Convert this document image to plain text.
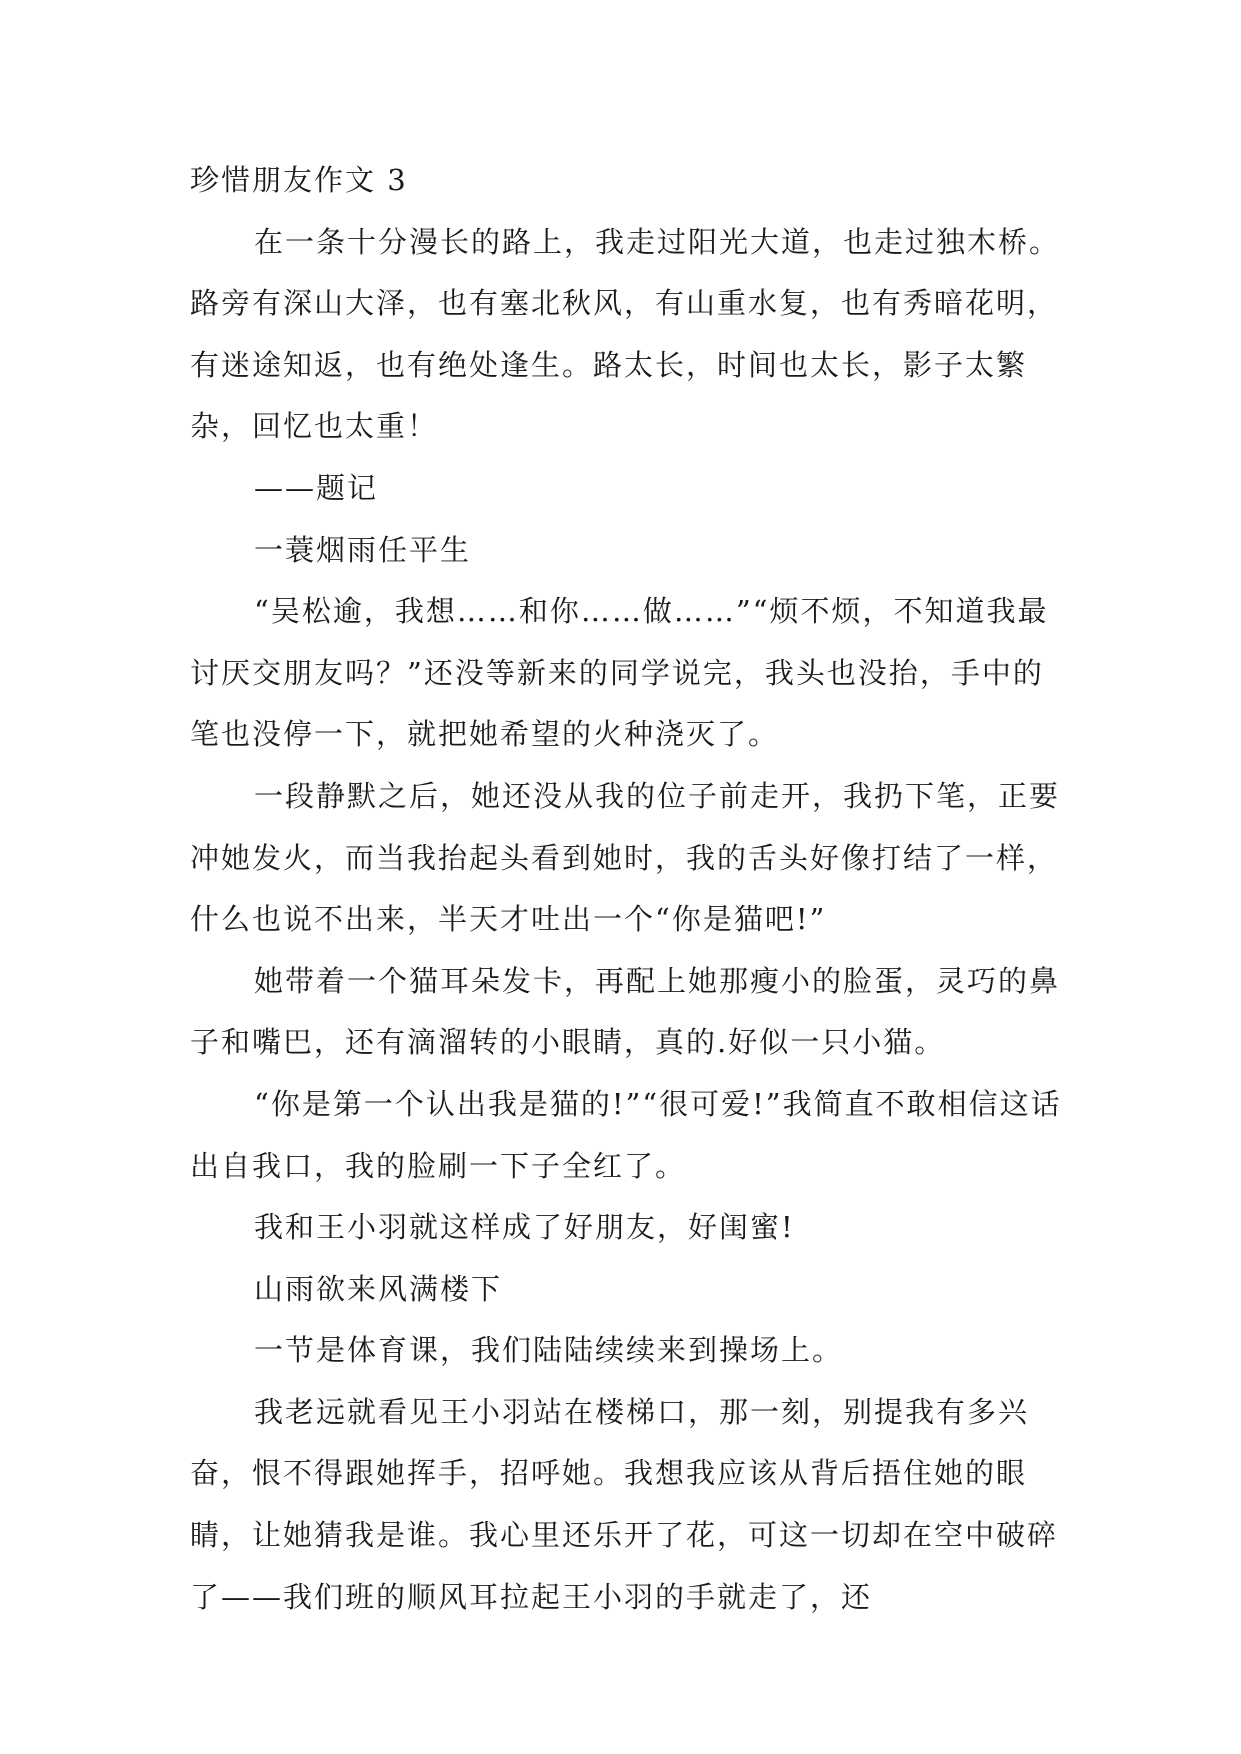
珍惜朋友作文 3

在一条十分漫长的路上，我走过阳光大道，也走过独木桥。路旁有深山大泽，也有塞北秋风，有山重水复，也有秀暗花明，有迷途知返，也有绝处逢生。路太长，时间也太长，影子太繁杂，回忆也太重！

——题记

一蓑烟雨任平生

“吴松逾，我想……和你……做……”“烦不烦，不知道我最讨厌交朋友吗？”还没等新来的同学说完，我头也没抬，手中的笔也没停一下，就把她希望的火种浇灭了。

一段静默之后，她还没从我的位子前走开，我扔下笔，正要冲她发火，而当我抬起头看到她时，我的舌头好像打结了一样，什么也说不出来，半天才吐出一个“你是猫吧!”

她带着一个猫耳朵发卡，再配上她那瘦小的脸蛋，灵巧的鼻子和嘴巴，还有滴溜转的小眼睛，真的.好似一只小猫。

“你是第一个认出我是猫的!”“很可爱!”我简直不敢相信这话出自我口，我的脸刷一下子全红了。

我和王小羽就这样成了好朋友，好闺蜜!

山雨欲来风满楼下

一节是体育课，我们陆陆续续来到操场上。

我老远就看见王小羽站在楼梯口，那一刻，别提我有多兴奋，恨不得跟她挥手，招呼她。我想我应该从背后捂住她的眼睛，让她猜我是谁。我心里还乐开了花，可这一切却在空中破碎了——我们班的顺风耳拉起王小羽的手就走了，还
